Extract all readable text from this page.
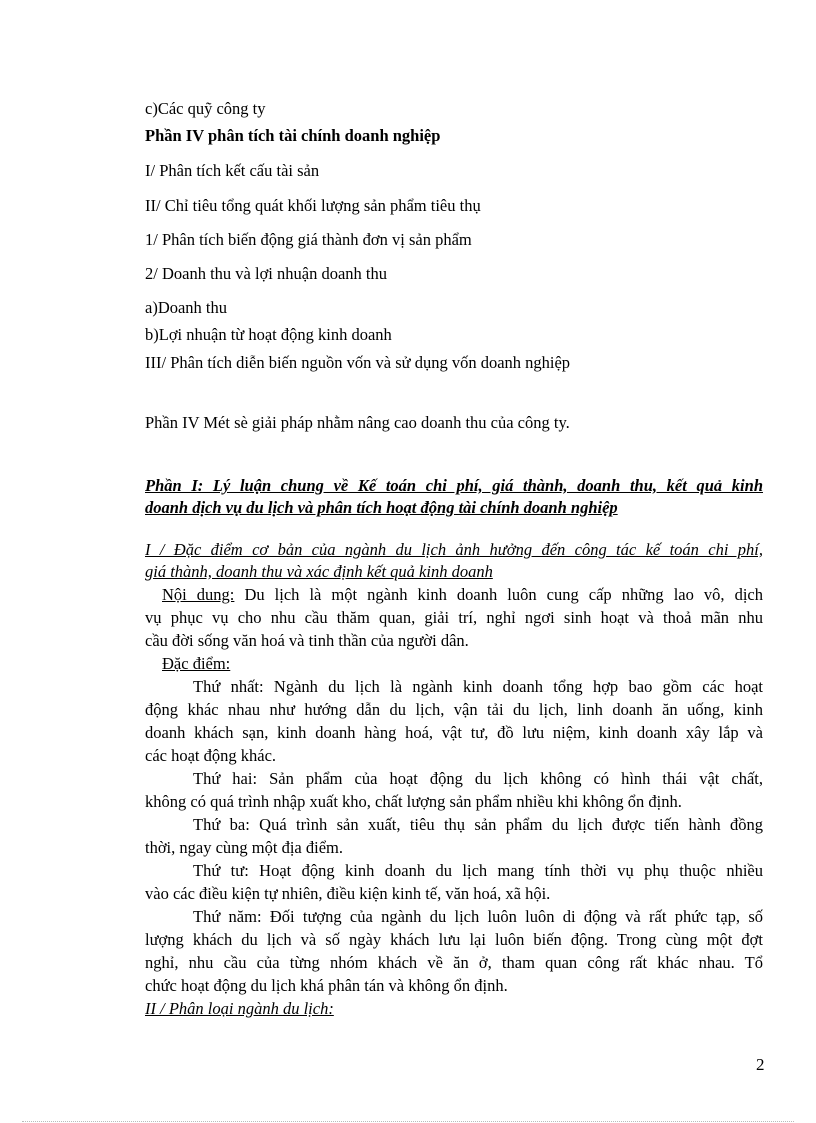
c)Các quỹ công ty
Phần IV phân tích tài chính doanh nghiệp
I/ Phân tích kết cấu tài sản
II/ Chỉ tiêu tổng quát khối lượng sản phẩm tiêu thụ
1/ Phân tích biến động giá thành đơn vị sản phẩm
2/ Doanh thu và lợi nhuận doanh thu
a)Doanh thu
b)Lợi nhuận từ hoạt động kinh doanh
III/ Phân tích diễn biến nguồn vốn và sử dụng vốn doanh nghiệp
Phần IV Mét sè giải pháp nhằm nâng cao doanh thu của công ty.
Phần I: Lý luận chung về Kế toán chi phí, giá thành, doanh thu, kết quả kinh
doanh dịch vụ du lịch và phân tích hoạt động tài chính doanh nghiệp
I / Đặc điểm cơ bản của ngành du lịch ảnh hưởng đến công tác kế toán chi phí,
giá thành, doanh thu và xác định kết quả kinh doanh
Nội dung: Du lịch là một ngành kinh doanh luôn cung cấp những lao vô, dịch
vụ phục vụ cho nhu cầu thăm quan, giải trí, nghỉ ngơi sinh hoạt và thoả mãn nhu
cầu đời sống văn hoá và tinh thần của người dân.
Đặc điểm:
Thứ nhất: Ngành du lịch là ngành kinh doanh tổng hợp bao gồm các hoạt
động khác nhau như hướng dẫn du lịch, vận tải du lịch, linh doanh ăn uống, kinh
doanh khách sạn, kinh doanh hàng hoá, vật tư, đồ lưu niệm, kinh doanh xây lắp và
các hoạt động khác.
Thứ hai: Sản phẩm của hoạt động du lịch không có hình thái vật chất,
không có quá trình nhập xuất kho, chất lượng sản phẩm nhiều khi không ổn định.
Thứ ba: Quá trình sản xuất, tiêu thụ sản phẩm du lịch được tiến hành đồng
thời, ngay cùng một địa điểm.
Thứ tư: Hoạt động kinh doanh du lịch mang tính thời vụ phụ thuộc nhiều
vào các điều kiện tự nhiên, điều kiện kinh tế, văn hoá, xã hội.
Thứ năm: Đối tượng của ngành du lịch luôn luôn di động và rất phức tạp, số
lượng khách du lịch và số ngày khách lưu lại luôn biến động. Trong cùng một đợt
nghỉ, nhu cầu của từng nhóm khách về ăn ở, tham quan công rất khác nhau. Tổ
chức hoạt động du lịch khá phân tán và không ổn định.
II / Phân loại ngành du lịch:
2
